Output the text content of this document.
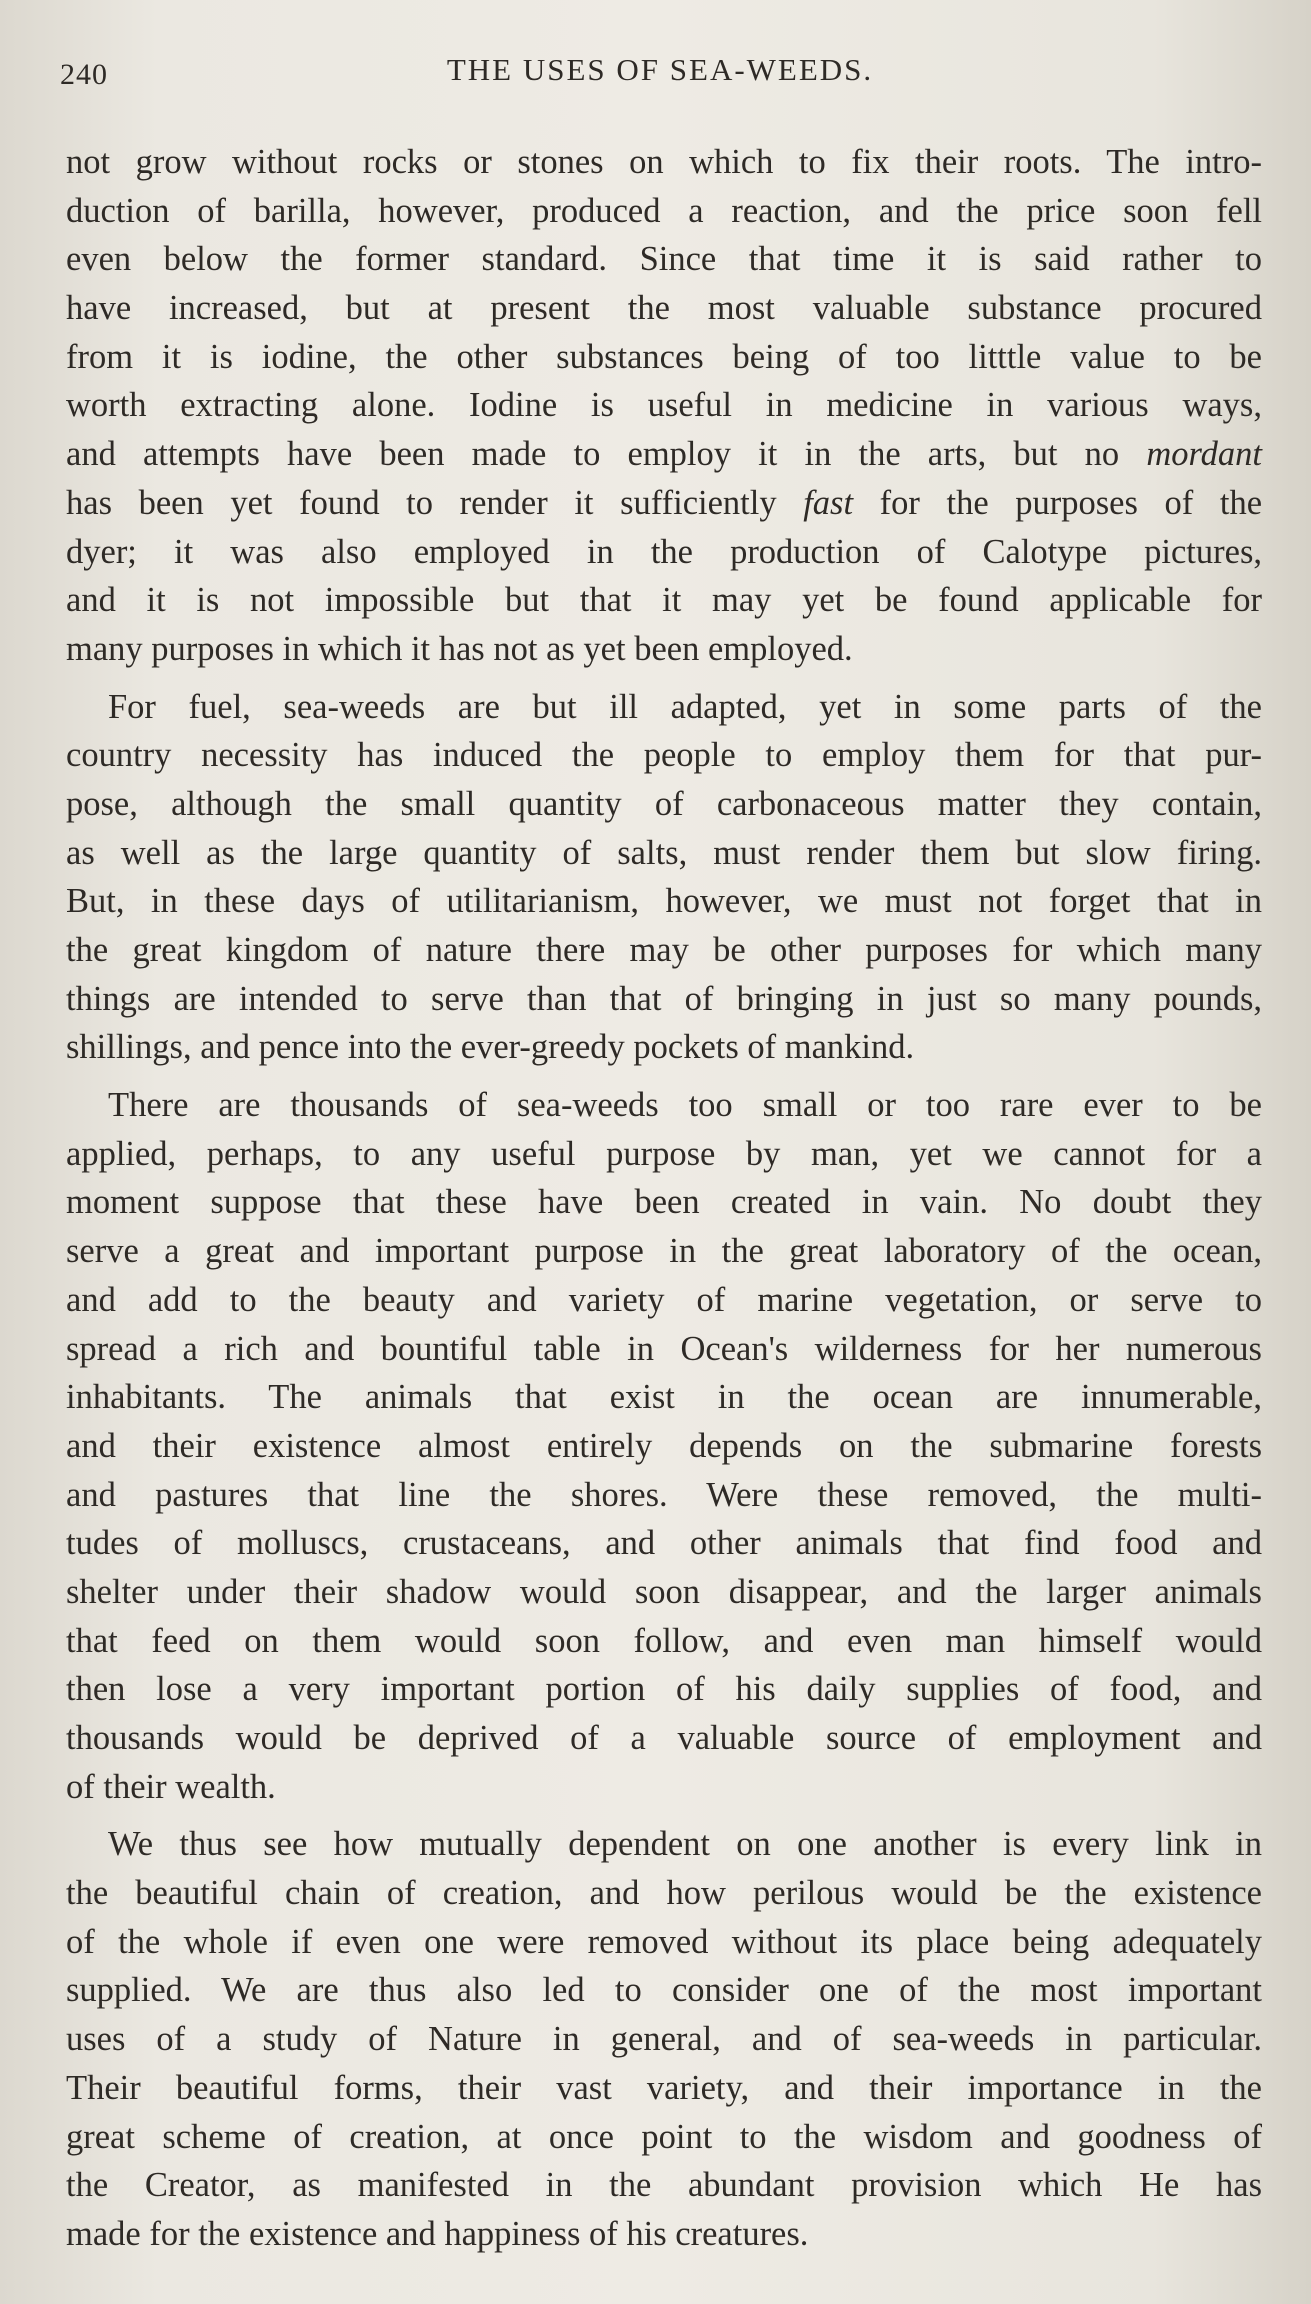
240	THE USES OF SEA-WEEDS.
not grow without rocks or stones on which to fix their roots. The intro-
duction of barilla, however, produced a reaction, and the price soon fell
even below the former standard. Since that time it is said rather to
have increased, but at present the most valuable substance procured
from it is iodine, the other substances being of too litttle value to be
worth extracting alone. Iodine is useful in medicine in various ways,
and attempts have been made to employ it in the arts, but no mordant
has been yet found to render it sufficiently fast for the purposes of the
dyer; it was also employed in the production of Calotype pictures,
and it is not impossible but that it may yet be found applicable for
many purposes in which it has not as yet been employed.
For fuel, sea-weeds are but ill adapted, yet in some parts of the
country necessity has induced the people to employ them for that pur-
pose, although the small quantity of carbonaceous matter they contain,
as well as the large quantity of salts, must render them but slow firing.
But, in these days of utilitarianism, however, we must not forget that in
the great kingdom of nature there may be other purposes for which many
things are intended to serve than that of bringing in just so many pounds,
shillings, and pence into the ever-greedy pockets of mankind.
There are thousands of sea-weeds too small or too rare ever to be
applied, perhaps, to any useful purpose by man, yet we cannot for a
moment suppose that these have been created in vain. No doubt they
serve a great and important purpose in the great laboratory of the ocean,
and add to the beauty and variety of marine vegetation, or serve to
spread a rich and bountiful table in Ocean's wilderness for her numerous
inhabitants. The animals that exist in the ocean are innumerable,
and their existence almost entirely depends on the submarine forests
and pastures that line the shores. Were these removed, the multi-
tudes of molluscs, crustaceans, and other animals that find food and
shelter under their shadow would soon disappear, and the larger animals
that feed on them would soon follow, and even man himself would
then lose a very important portion of his daily supplies of food, and
thousands would be deprived of a valuable source of employment and
of their wealth.
We thus see how mutually dependent on one another is every link in
the beautiful chain of creation, and how perilous would be the existence
of the whole if even one were removed without its place being adequately
supplied. We are thus also led to consider one of the most important
uses of a study of Nature in general, and of sea-weeds in particular.
Their beautiful forms, their vast variety, and their importance in the
great scheme of creation, at once point to the wisdom and goodness of
the Creator, as manifested in the abundant provision which He has
made for the existence and happiness of his creatures.
